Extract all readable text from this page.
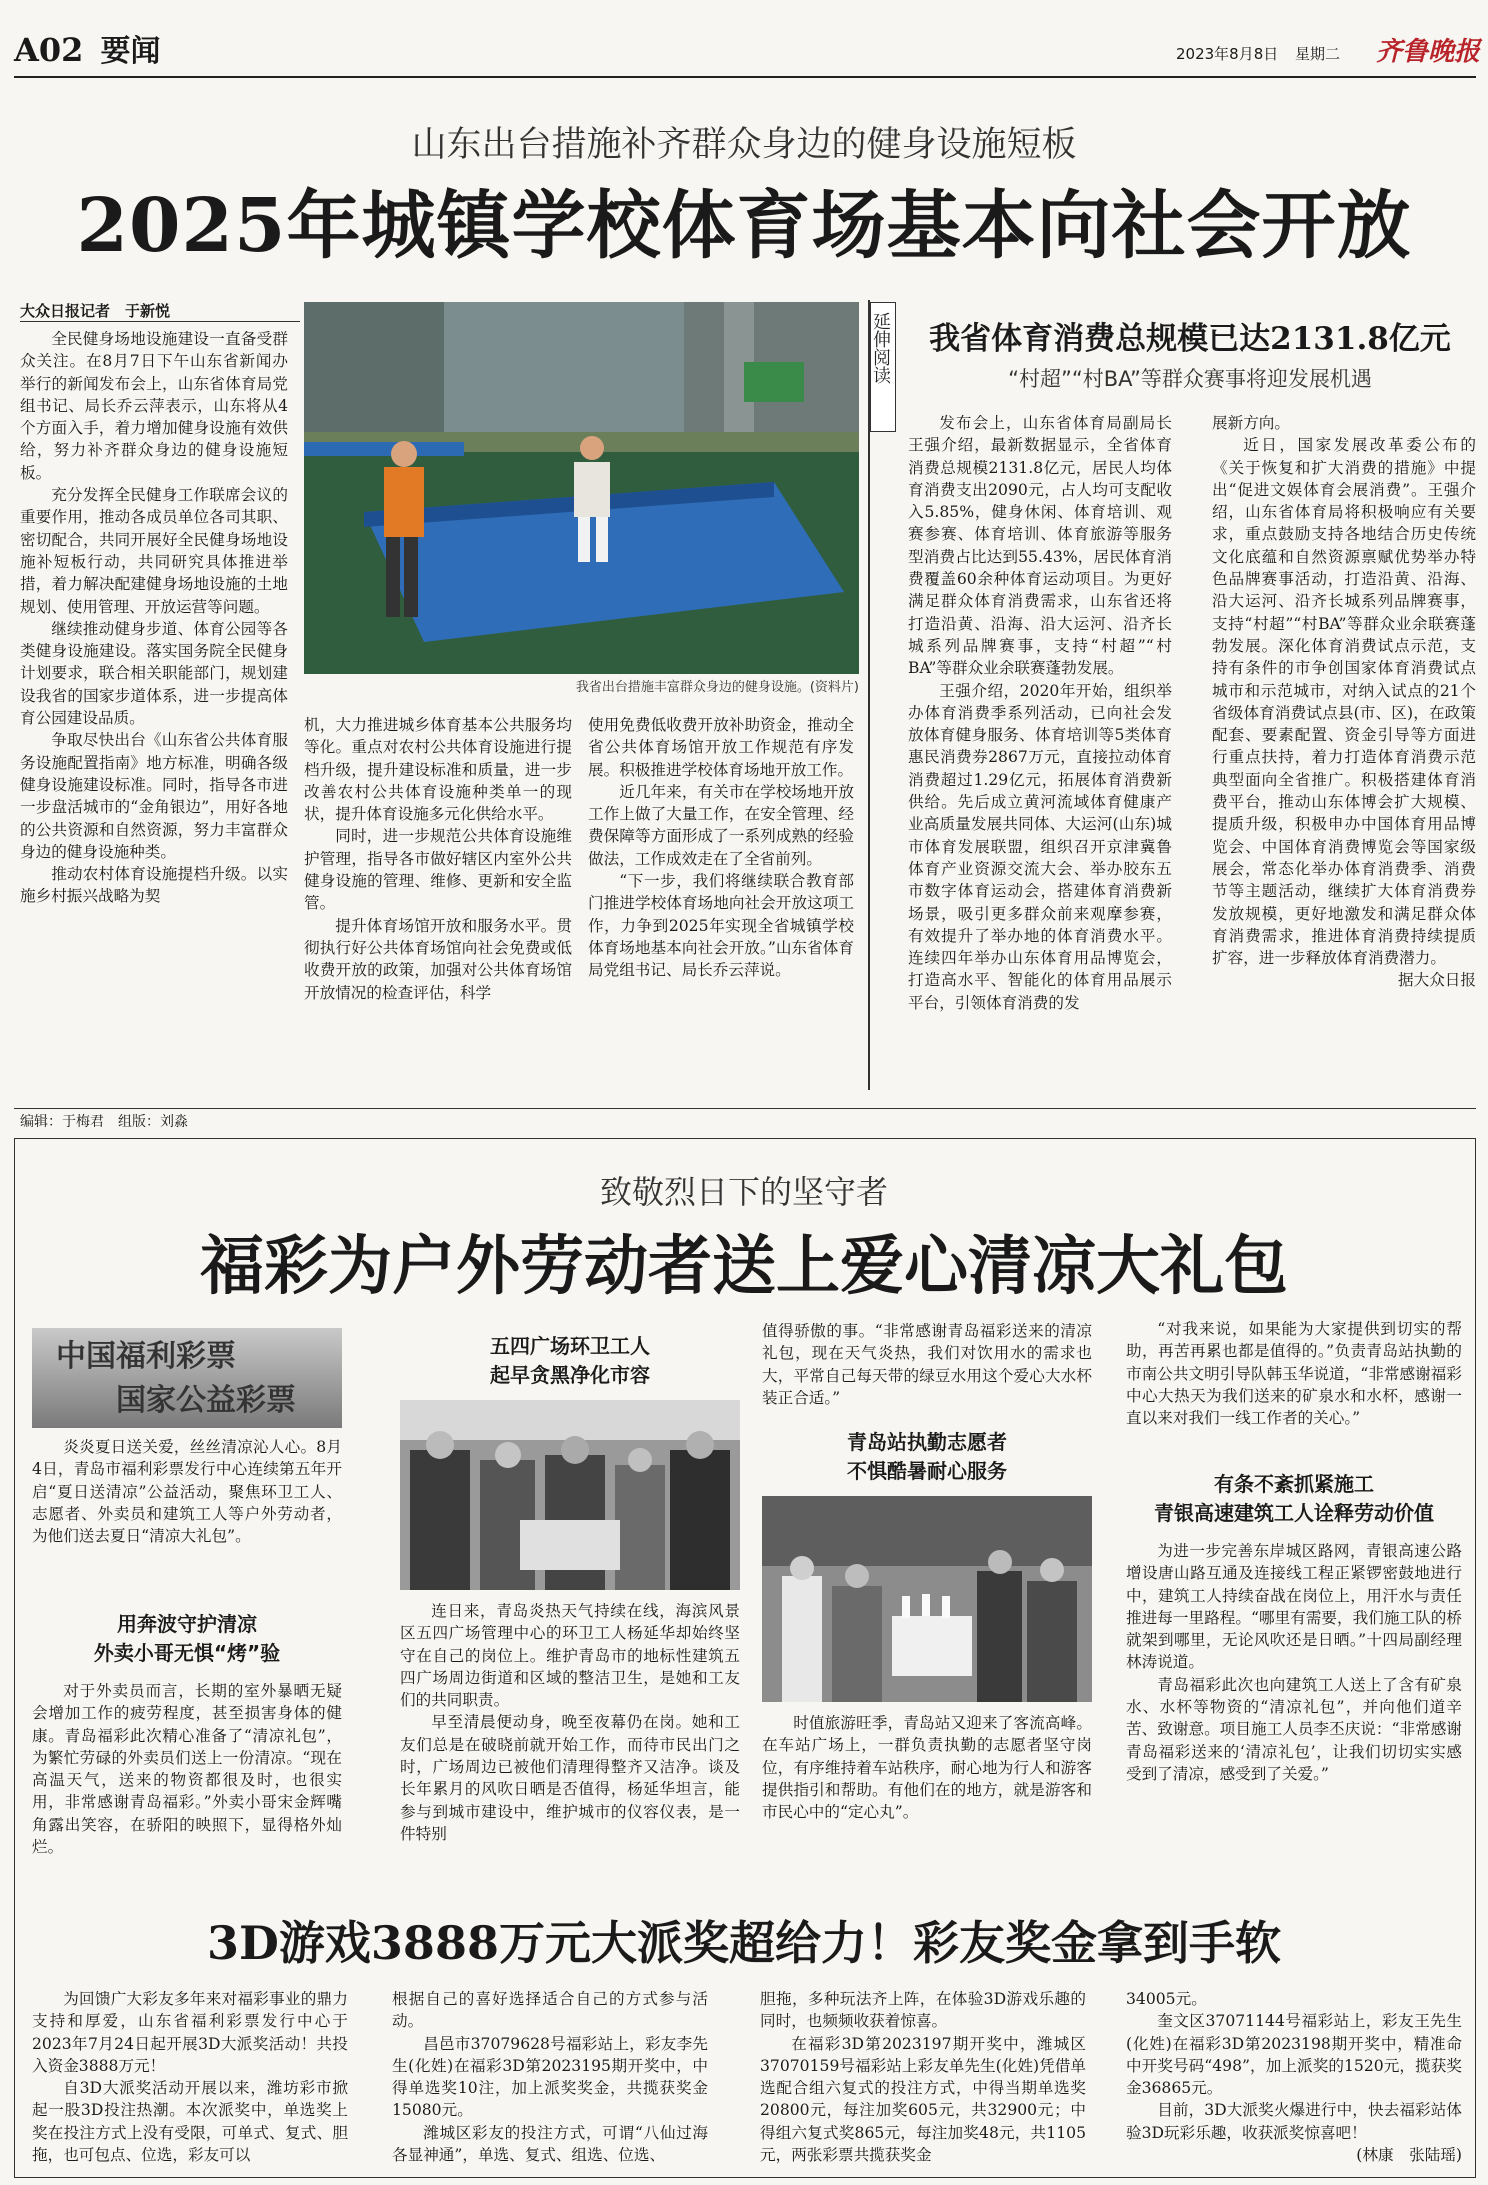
A02 要闻	2023年8月8日 星期二	齐鲁晚报
山东出台措施补齐群众身边的健身设施短板
2025年城镇学校体育场基本向社会开放
大众日报记者　于新悦

全民健身场地设施建设一直备受群众关注。在8月7日下午山东省新闻办举行的新闻发布会上，山东省体育局党组书记、局长乔云萍表示，山东将从4个方面入手，着力增加健身设施有效供给，努力补齐群众身边的健身设施短板。

充分发挥全民健身工作联席会议的重要作用，推动各成员单位各司其职、密切配合，共同开展好全民健身场地设施补短板行动，共同研究具体推进举措，着力解决配建健身场地设施的土地规划、使用管理、开放运营等问题。

继续推动健身步道、体育公园等各类健身设施建设。落实国务院全民健身计划要求，联合相关职能部门，规划建设我省的国家步道体系，进一步提高体育公园建设品质。

争取尽快出台《山东省公共体育服务设施配置指南》地方标准，明确各级健身设施建设标准。同时，指导各市进一步盘活城市的“金角银边”，用好各地的公共资源和自然资源，努力丰富群众身边的健身设施种类。

推动农村体育设施提档升级。以实施乡村振兴战略为契

我省出台措施丰富群众身边的健身设施。(资料片)

机，大力推进城乡体育基本公共服务均等化。重点对农村公共体育设施进行提档升级，提升建设标准和质量，进一步改善农村公共体育设施种类单一的现状，提升体育设施多元化供给水平。

同时，进一步规范公共体育设施维护管理，指导各市做好辖区内室外公共健身设施的管理、维修、更新和安全监管。

提升体育场馆开放和服务水平。贯彻执行好公共体育场馆向社会免费或低收费开放的政策，加强对公共体育场馆开放情况的检查评估，科学

使用免费低收费开放补助资金，推动全省公共体育场馆开放工作规范有序发展。积极推进学校体育场地开放工作。

近几年来，有关市在学校场地开放工作上做了大量工作，在安全管理、经费保障等方面形成了一系列成熟的经验做法，工作成效走在了全省前列。

“下一步，我们将继续联合教育部门推进学校体育场地向社会开放这项工作，力争到2025年实现全省城镇学校体育场地基本向社会开放。”山东省体育局党组书记、局长乔云萍说。

延伸阅读	我省体育消费总规模已达2131.8亿元
“村超”“村BA”等群众赛事将迎发展机遇

发布会上，山东省体育局副局长王强介绍，最新数据显示，全省体育消费总规模2131.8亿元，居民人均体育消费支出2090元，占人均可支配收入5.85%，健身休闲、体育培训、观赛参赛、体育培训、体育旅游等服务型消费占比达到55.43%，居民体育消费覆盖60余种体育运动项目。为更好满足群众体育消费需求，山东省还将打造沿黄、沿海、沿大运河、沿齐长城系列品牌赛事，支持“村超”“村BA”等群众业余联赛蓬勃发展。

王强介绍，2020年开始，组织举办体育消费季系列活动，已向社会发放体育健身服务、体育培训等5类体育惠民消费券2867万元，直接拉动体育消费超过1.29亿元，拓展体育消费新供给。先后成立黄河流域体育健康产业高质量发展共同体、大运河(山东)城市体育发展联盟，组织召开京津冀鲁体育产业资源交流大会、举办胶东五市数字体育运动会，搭建体育消费新场景，吸引更多群众前来观摩参赛，有效提升了举办地的体育消费水平。连续四年举办山东体育用品博览会，打造高水平、智能化的体育用品展示平台，引领体育消费的发

展新方向。

近日，国家发展改革委公布的《关于恢复和扩大消费的措施》中提出“促进文娱体育会展消费”。王强介绍，山东省体育局将积极响应有关要求，重点鼓励支持各地结合历史传统文化底蕴和自然资源禀赋优势举办特色品牌赛事活动，打造沿黄、沿海、沿大运河、沿齐长城系列品牌赛事，支持“村超”“村BA”等群众业余联赛蓬勃发展。深化体育消费试点示范，支持有条件的市争创国家体育消费试点城市和示范城市，对纳入试点的21个省级体育消费试点县(市、区)，在政策配套、要素配置、资金引导等方面进行重点扶持，着力打造体育消费示范典型面向全省推广。积极搭建体育消费平台，推动山东体博会扩大规模、提质升级，积极申办中国体育用品博览会、中国体育消费博览会等国家级展会，常态化举办体育消费季、消费节等主题活动，继续扩大体育消费券发放规模，更好地激发和满足群众体育消费需求，推进体育消费持续提质扩容，进一步释放体育消费潜力。

据大众日报

编辑：于梅君　组版：刘淼
致敬烈日下的坚守者
福彩为户外劳动者送上爱心清凉大礼包
中国福利彩票
国家公益彩票

炎炎夏日送关爱，丝丝清凉沁人心。8月4日，青岛市福利彩票发行中心连续第五年开启“夏日送清凉”公益活动，聚焦环卫工人、志愿者、外卖员和建筑工人等户外劳动者，为他们送去夏日“清凉大礼包”。

用奔波守护清凉
外卖小哥无惧“烤”验

对于外卖员而言，长期的室外暴晒无疑会增加工作的疲劳程度，甚至损害身体的健康。青岛福彩此次精心准备了“清凉礼包”，为繁忙劳碌的外卖员们送上一份清凉。“现在高温天气，送来的物资都很及时，也很实用，非常感谢青岛福彩。”外卖小哥宋金辉嘴角露出笑容，在骄阳的映照下，显得格外灿烂。

五四广场环卫工人
起早贪黑净化市容

连日来，青岛炎热天气持续在线，海滨风景区五四广场管理中心的环卫工人杨延华却始终坚守在自己的岗位上。维护青岛市的地标性建筑五四广场周边街道和区域的整洁卫生，是她和工友们的共同职责。

早至清晨便动身，晚至夜幕仍在岗。她和工友们总是在破晓前就开始工作，而待市民出门之时，广场周边已被他们清理得整齐又洁净。谈及长年累月的风吹日晒是否值得，杨延华坦言，能参与到城市建设中，维护城市的仪容仪表，是一件特别

值得骄傲的事。“非常感谢青岛福彩送来的清凉礼包，现在天气炎热，我们对饮用水的需求也大，平常自己每天带的绿豆水用这个爱心大水杯装正合适。”

青岛站执勤志愿者
不惧酷暑耐心服务

时值旅游旺季，青岛站又迎来了客流高峰。在车站广场上，一群负责执勤的志愿者坚守岗位，有序维持着车站秩序，耐心地为行人和游客提供指引和帮助。有他们在的地方，就是游客和市民心中的“定心丸”。

“对我来说，如果能为大家提供到切实的帮助，再苦再累也都是值得的。”负责青岛站执勤的市南公共文明引导队韩玉华说道，“非常感谢福彩中心大热天为我们送来的矿泉水和水杯，感谢一直以来对我们一线工作者的关心。”

有条不紊抓紧施工
青银高速建筑工人诠释劳动价值

为进一步完善东岸城区路网，青银高速公路增设唐山路互通及连接线工程正紧锣密鼓地进行中，建筑工人持续奋战在岗位上，用汗水与责任推进每一里路程。“哪里有需要，我们施工队的桥就架到哪里，无论风吹还是日晒。”十四局副经理林涛说道。

青岛福彩此次也向建筑工人送上了含有矿泉水、水杯等物资的“清凉礼包”，并向他们道辛苦、致谢意。项目施工人员李丕庆说：“非常感谢青岛福彩送来的‘清凉礼包’，让我们切切实实感受到了清凉，感受到了关爱。”

3D游戏3888万元大派奖超给力！彩友奖金拿到手软

为回馈广大彩友多年来对福彩事业的鼎力支持和厚爱，山东省福利彩票发行中心于2023年7月24日起开展3D大派奖活动！共投入资金3888万元！

自3D大派奖活动开展以来，潍坊彩市掀起一股3D投注热潮。本次派奖中，单选奖上奖在投注方式上没有受限，可单式、复式、胆拖，也可包点、位选，彩友可以

根据自己的喜好选择适合自己的方式参与活动。

昌邑市37079628号福彩站上，彩友李先生(化姓)在福彩3D第2023195期开奖中，中得单选奖10注，加上派奖奖金，共揽获奖金15080元。

潍城区彩友的投注方式，可谓“八仙过海各显神通”，单选、复式、组选、位选、

胆拖，多种玩法齐上阵，在体验3D游戏乐趣的同时，也频频收获着惊喜。

在福彩3D第2023197期开奖中，潍城区37070159号福彩站上彩友单先生(化姓)凭借单选配合组六复式的投注方式，中得当期单选奖20800元，每注加奖605元，共32900元；中得组六复式奖865元，每注加奖48元，共1105元，两张彩票共揽获奖金

34005元。

奎文区37071144号福彩站上，彩友王先生(化姓)在福彩3D第2023198期开奖中，精准命中开奖号码“498”，加上派奖的1520元，揽获奖金36865元。

目前，3D大派奖火爆进行中，快去福彩站体验3D玩彩乐趣，收获派奖惊喜吧！

(林康　张陆瑶)
